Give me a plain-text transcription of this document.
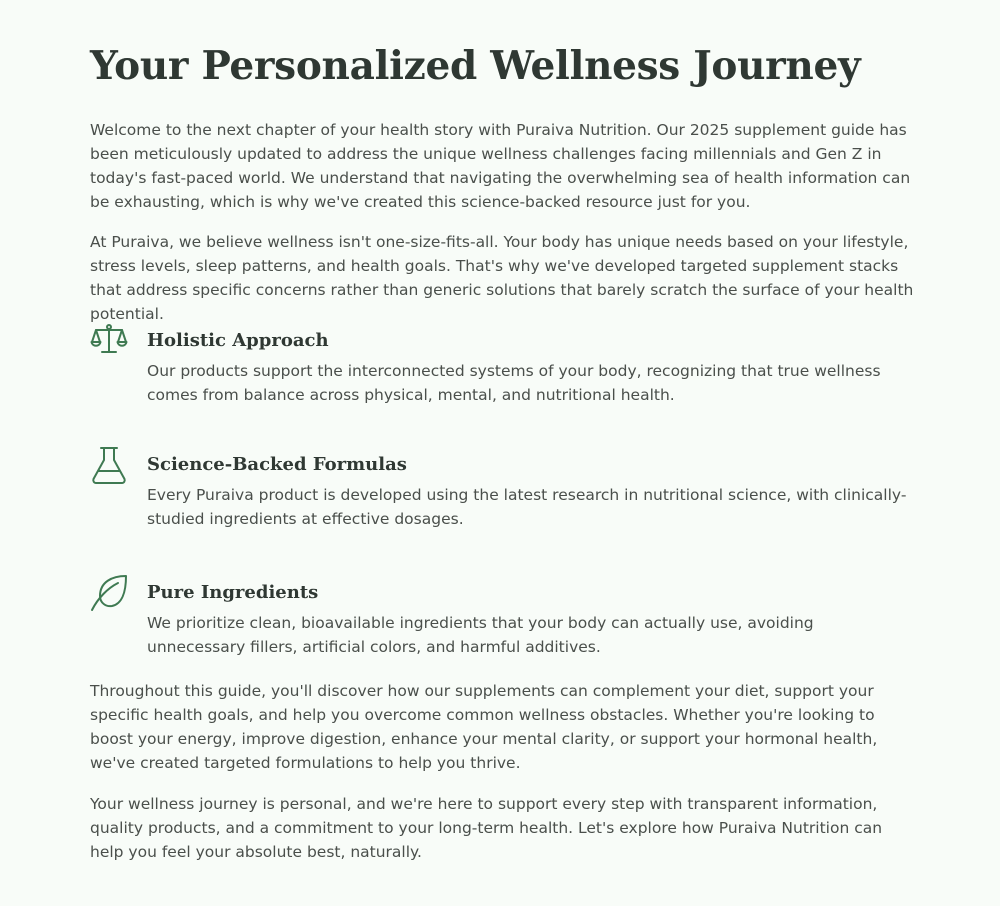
Your Personalized Wellness Journey

Welcome to the next chapter of your health story with Puraiva Nutrition. Our 2025 supplement guide has been meticulously updated to address the unique wellness challenges facing millennials and Gen Z in today's fast-paced world. We understand that navigating the overwhelming sea of health information can be exhausting, which is why we've created this science-backed resource just for you.

At Puraiva, we believe wellness isn't one-size-fits-all. Your body has unique needs based on your lifestyle, stress levels, sleep patterns, and health goals. That's why we've developed targeted supplement stacks that address specific concerns rather than generic solutions that barely scratch the surface of your health potential.

Holistic Approach

Our products support the interconnected systems of your body, recognizing that true wellness comes from balance across physical, mental, and nutritional health.

Science-Backed Formulas

Every Puraiva product is developed using the latest research in nutritional science, with clinically-studied ingredients at effective dosages.

Pure Ingredients

We prioritize clean, bioavailable ingredients that your body can actually use, avoiding unnecessary fillers, artificial colors, and harmful additives.

Throughout this guide, you'll discover how our supplements can complement your diet, support your specific health goals, and help you overcome common wellness obstacles. Whether you're looking to boost your energy, improve digestion, enhance your mental clarity, or support your hormonal health, we've created targeted formulations to help you thrive.

Your wellness journey is personal, and we're here to support every step with transparent information, quality products, and a commitment to your long-term health. Let's explore how Puraiva Nutrition can help you feel your absolute best, naturally.
